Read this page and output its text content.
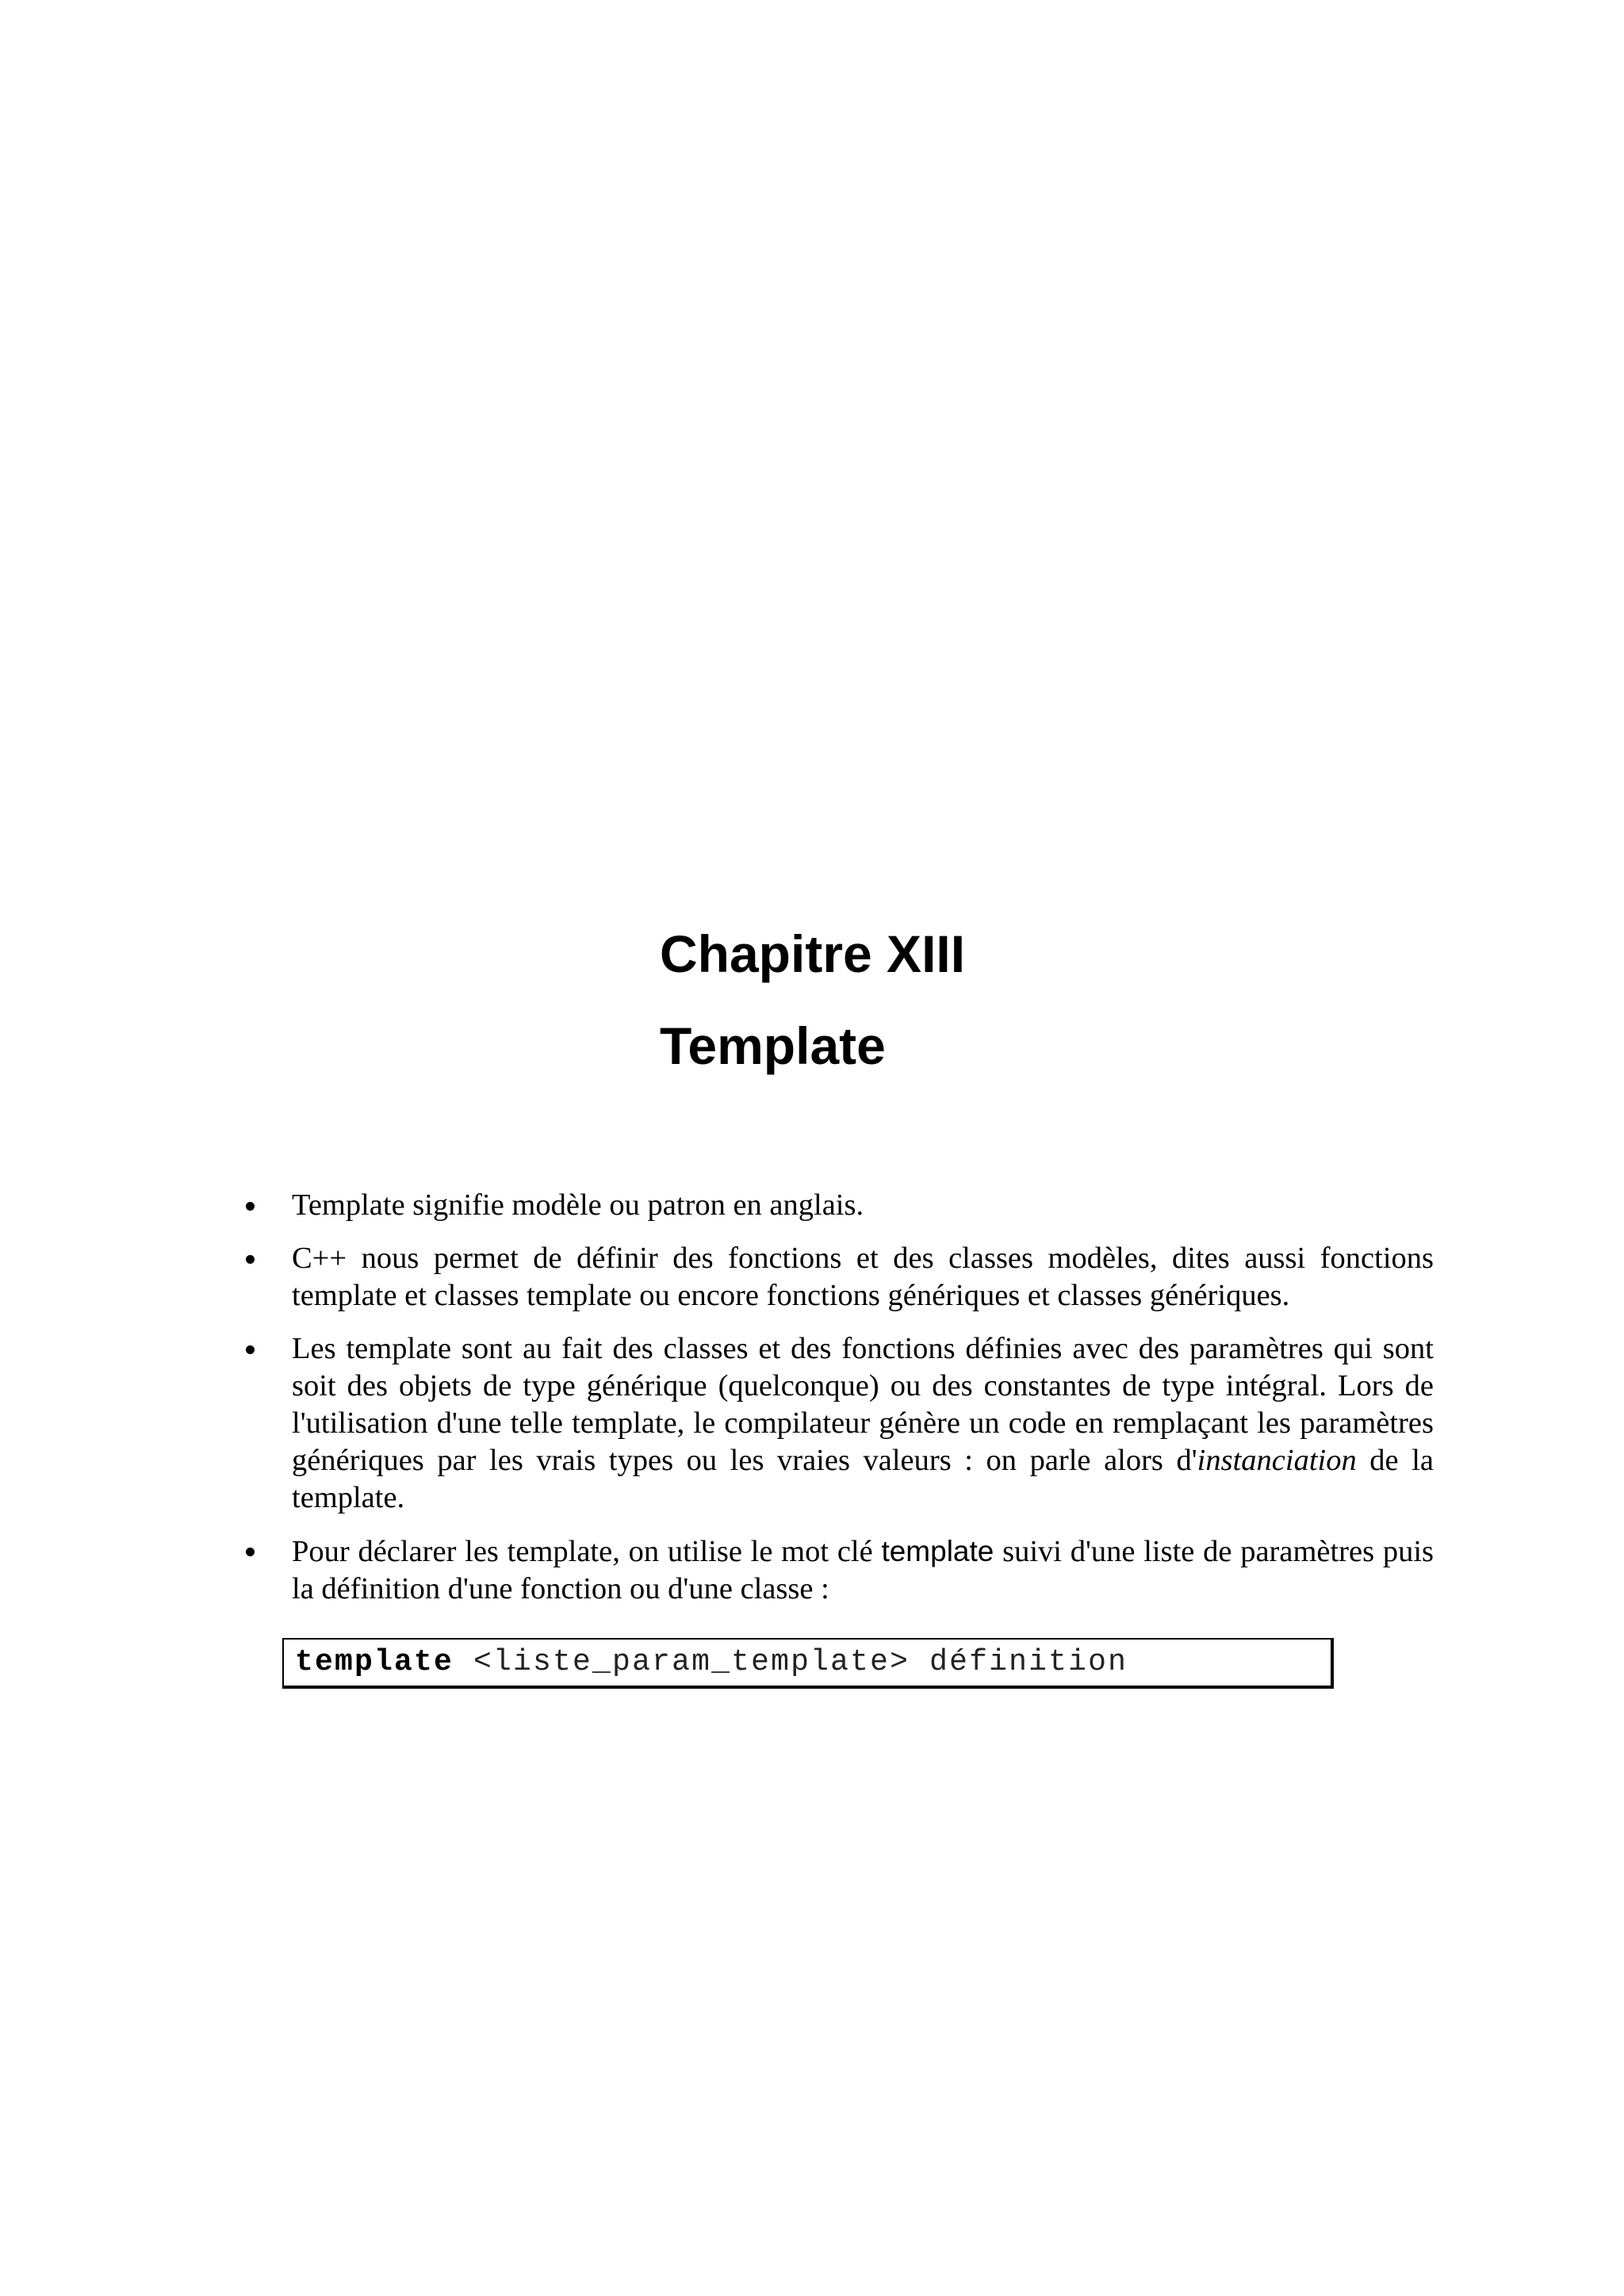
Chapitre XIII
Template
Template signifie modèle ou patron en anglais.
C++ nous permet de définir des fonctions et des classes modèles, dites aussi fonctions template et classes template ou encore fonctions génériques et classes génériques.
Les template sont au fait des classes et des fonctions définies avec des paramètres qui sont soit des objets de type générique (quelconque) ou des constantes de type intégral. Lors de l'utilisation d'une telle template, le compilateur génère un code en remplaçant les paramètres génériques par les vrais types ou les vraies valeurs : on parle alors d'instanciation de la template.
Pour déclarer les template, on utilise le mot clé template suivi d'une liste de paramètres puis la définition d'une fonction ou d'une classe :
template <liste_param_template> définition
